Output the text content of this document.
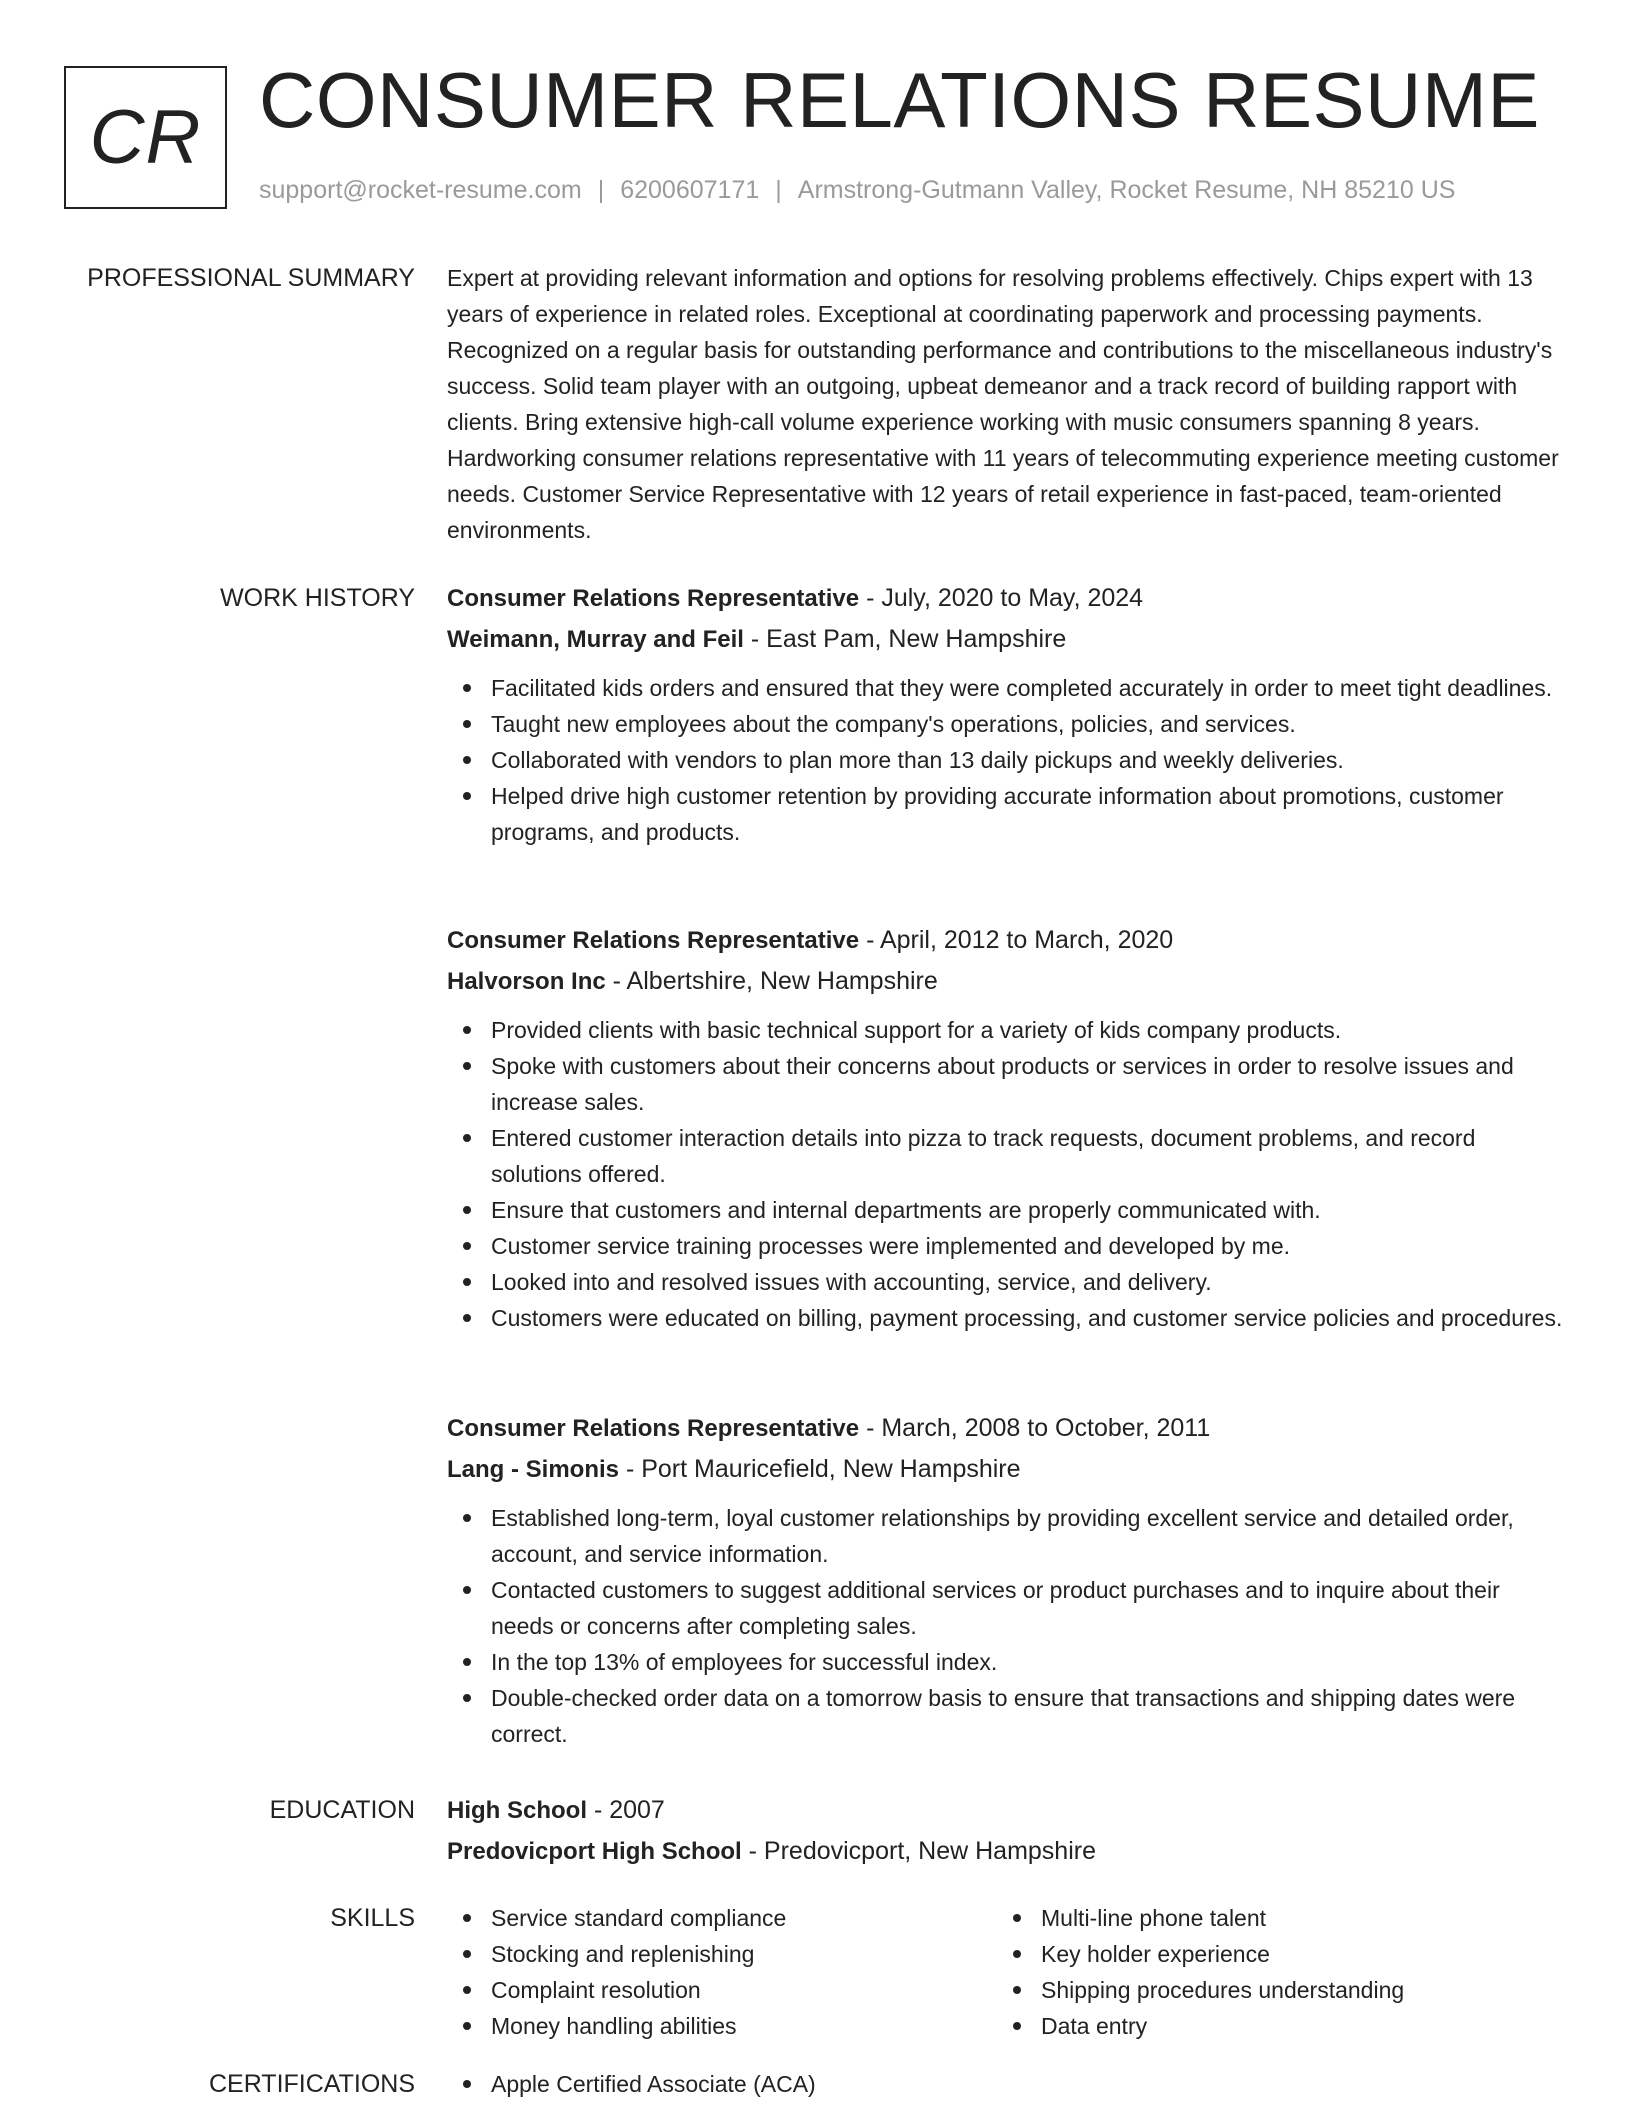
CR CONSUMER RELATIONS RESUME
support@rocket-resume.com | 6200607171 | Armstrong-Gutmann Valley, Rocket Resume, NH 85210 US
PROFESSIONAL SUMMARY Expert at providing relevant information and options for resolving problems effectively. Chips expert with 13 years of experience in related roles. Exceptional at coordinating paperwork and processing payments. Recognized on a regular basis for outstanding performance and contributions to the miscellaneous industry's success. Solid team player with an outgoing, upbeat demeanor and a track record of building rapport with clients. Bring extensive high-call volume experience working with music consumers spanning 8 years. Hardworking consumer relations representative with 11 years of telecommuting experience meeting customer needs. Customer Service Representative with 12 years of retail experience in fast-paced, team-oriented environments.
WORK HISTORY Consumer Relations Representative - July, 2020 to May, 2024
Weimann, Murray and Feil - East Pam, New Hampshire
Facilitated kids orders and ensured that they were completed accurately in order to meet tight deadlines.
Taught new employees about the company's operations, policies, and services.
Collaborated with vendors to plan more than 13 daily pickups and weekly deliveries.
Helped drive high customer retention by providing accurate information about promotions, customer programs, and products.
Consumer Relations Representative - April, 2012 to March, 2020
Halvorson Inc - Albertshire, New Hampshire
Provided clients with basic technical support for a variety of kids company products.
Spoke with customers about their concerns about products or services in order to resolve issues and increase sales.
Entered customer interaction details into pizza to track requests, document problems, and record solutions offered.
Ensure that customers and internal departments are properly communicated with.
Customer service training processes were implemented and developed by me.
Looked into and resolved issues with accounting, service, and delivery.
Customers were educated on billing, payment processing, and customer service policies and procedures.
Consumer Relations Representative - March, 2008 to October, 2011
Lang - Simonis - Port Mauricefield, New Hampshire
Established long-term, loyal customer relationships by providing excellent service and detailed order, account, and service information.
Contacted customers to suggest additional services or product purchases and to inquire about their needs or concerns after completing sales.
In the top 13% of employees for successful index.
Double-checked order data on a tomorrow basis to ensure that transactions and shipping dates were correct.
EDUCATION High School - 2007
Predovicport High School - Predovicport, New Hampshire
SKILLS	Service standard compliance
Stocking and replenishing
Complaint resolution
Money handling abilities
Multi-line phone talent
Key holder experience
Shipping procedures understanding
Data entry
CERTIFICATIONS	Apple Certified Associate (ACA)
